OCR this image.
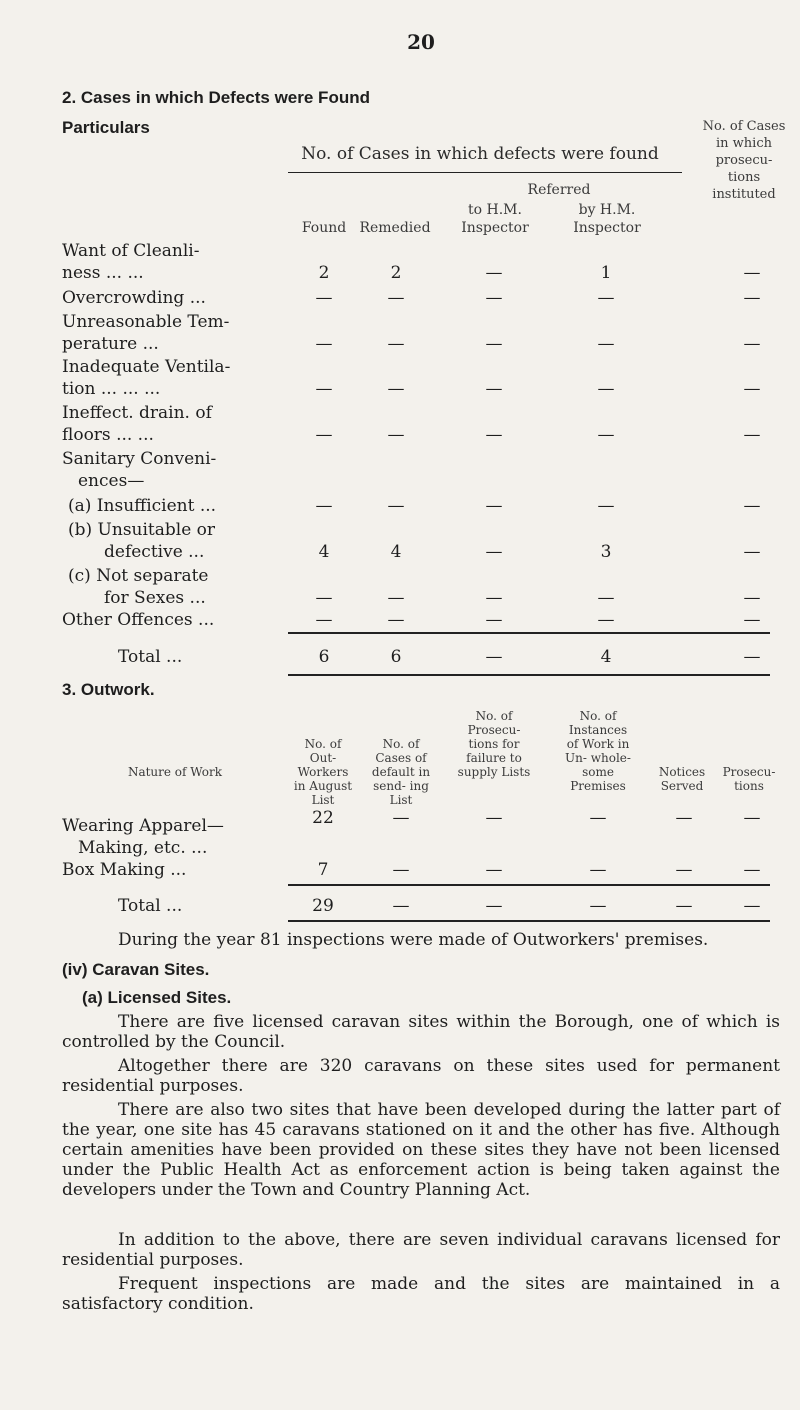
20
2. Cases in which Defects were Found
Particulars
No. of Cases in which defects were found
Referred
Found Remedied
to H.M. Inspector
by H.M. Inspector
No. of Cases in which prosecu- tions instituted
Want of Cleanli-
ness ... ...	2	2	—	1	—
Overcrowding ...	—	—	—	—	—
Unreasonable Tem-
perature ...	—	—	—	—	—
Inadequate Ventila-
tion ... ... ...	—	—	—	—	—
Ineffect. drain. of
floors ... ...	—	—	—	—	—
Sanitary Conveni-
ences—
(a) Insufficient ...	—	—	—	—	—
(b) Unsuitable or
defective ...	4	4	—	3	—
(c) Not separate
for Sexes ...	—	—	—	—	—
Other Offences ...	—	—	—	—	—
Total ...	6	6	—	4	—
3. Outwork.
Nature of Work
No. of Out- Workers in August List
No. of Cases of default in send- ing List
No. of Prosecu- tions for failure to supply Lists
No. of Instances of Work in Un- whole- some Premises
Notices Served
Prosecu- tions
Wearing Apparel—
Making, etc. ...
22	—	—	—	—	—
Box Making ...	7	—	—	—	—	—
Total ...	29	—	—	—	—	—
During the year 81 inspections were made of Outworkers' premises.
(iv) Caravan Sites.
(a) Licensed Sites.
There are five licensed caravan sites within the Borough, one of which is controlled by the Council.
Altogether there are 320 caravans on these sites used for permanent residential purposes.
There are also two sites that have been developed during the latter part of the year, one site has 45 caravans stationed on it and the other has five. Although certain amenities have been provided on these sites they have not been licensed under the Public Health Act as enforcement action is being taken against the developers under the Town and Country Planning Act.
In addition to the above, there are seven individual caravans licensed for residential purposes.
Frequent inspections are made and the sites are maintained in a satisfactory condition.
